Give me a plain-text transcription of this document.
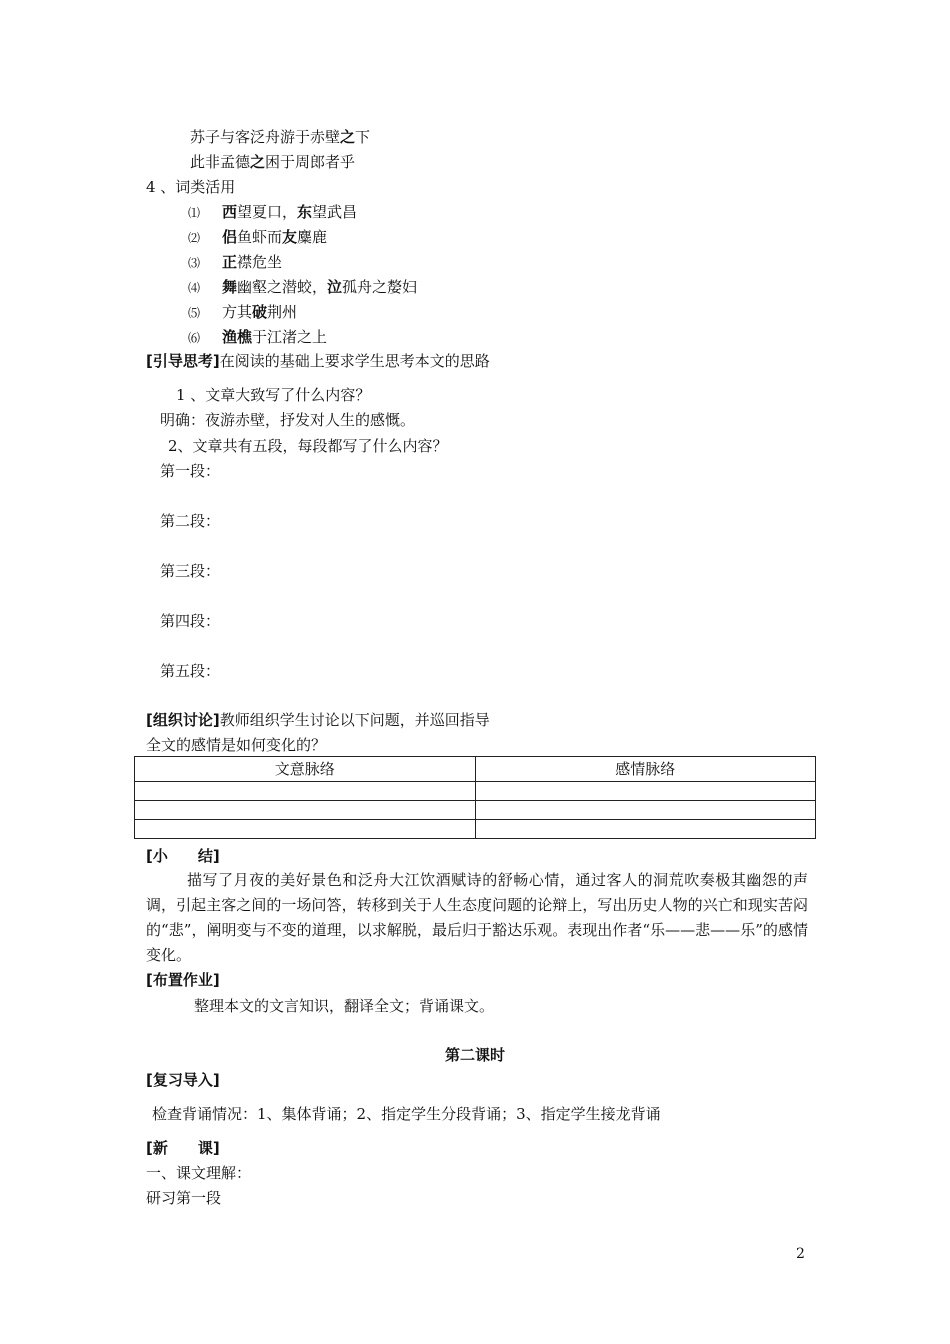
苏子与客泛舟游于赤壁之下
此非孟德之困于周郎者乎
4 、词类活用
⑴ 西望夏口，东望武昌
⑵ 侣鱼虾而友麋鹿
⑶ 正襟危坐
⑷ 舞幽壑之潜蛟，泣孤舟之嫠妇
⑸ 方其破荆州
⑹ 渔樵于江渚之上
[引导思考]在阅读的基础上要求学生思考本文的思路
1 、文章大致写了什么内容？
明确：夜游赤壁，抒发对人生的感慨。
2、文章共有五段，每段都写了什么内容？
第一段：
第二段：
第三段：
第四段：
第五段：
[组织讨论]教师组织学生讨论以下问题，并巡回指导
全文的感情是如何变化的？
文意脉络	感情脉络

[小　　结]
描写了月夜的美好景色和泛舟大江饮酒赋诗的舒畅心情，通过客人的洞荒吹奏极其幽怨的声调，引起主客之间的一场问答，转移到关于人生态度问题的论辩上，写出历史人物的兴亡和现实苦闷的“悲”，阐明变与不变的道理，以求解脱，最后归于豁达乐观。表现出作者“乐——悲——乐”的感情变化。
[布置作业]
整理本文的文言知识，翻译全文；背诵课文。
第二课时
[复习导入]
检查背诵情况：1、集体背诵；2、指定学生分段背诵；3、指定学生接龙背诵
[新　　课]
一、课文理解：
研习第一段
2
